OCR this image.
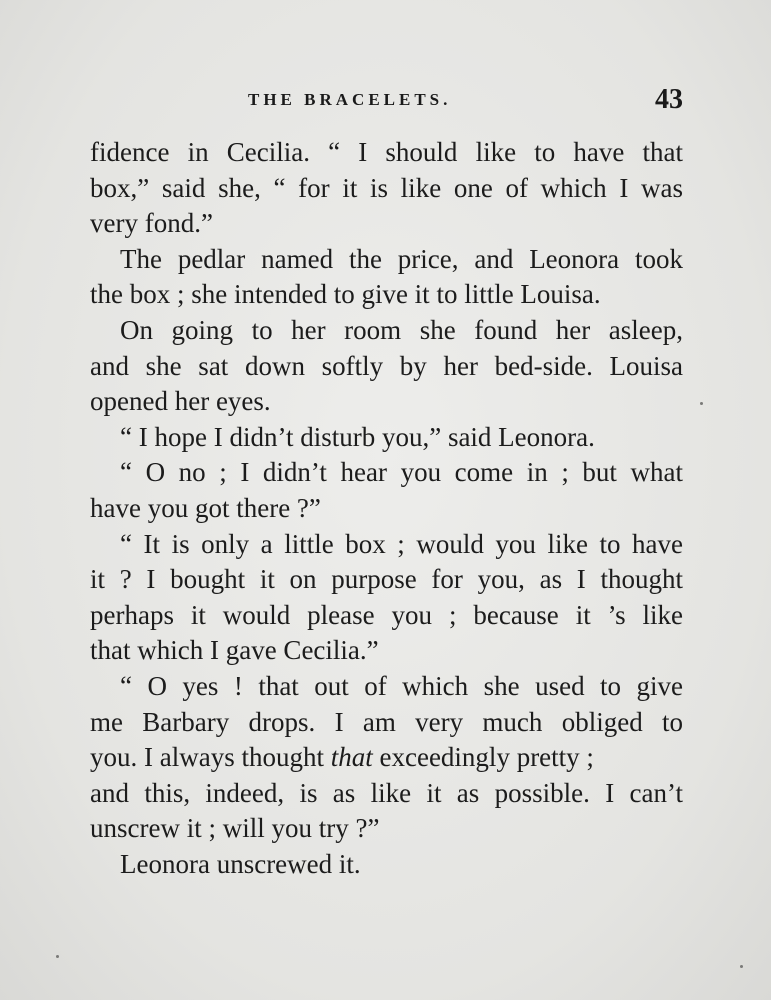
THE BRACELETS.	43
fidence in Cecilia. “ I should like to have that
box,” said she, “ for it is like one of which I was
very fond.”
The pedlar named the price, and Leonora took
the box ; she intended to give it to little Louisa.
On going to her room she found her asleep,
and she sat down softly by her bed-side. Louisa
opened her eyes.
“ I hope I didn’t disturb you,” said Leonora.
“ O no ; I didn’t hear you come in ; but what
have you got there ?”
“ It is only a little box ; would you like to have
it ? I bought it on purpose for you, as I thought
perhaps it would please you ; because it ’s like
that which I gave Cecilia.”
“ O yes ! that out of which she used to give
me Barbary drops. I am very much obliged to
you. I always thought that exceedingly pretty ;
and this, indeed, is as like it as possible. I can’t
unscrew it ; will you try ?”
Leonora unscrewed it.
